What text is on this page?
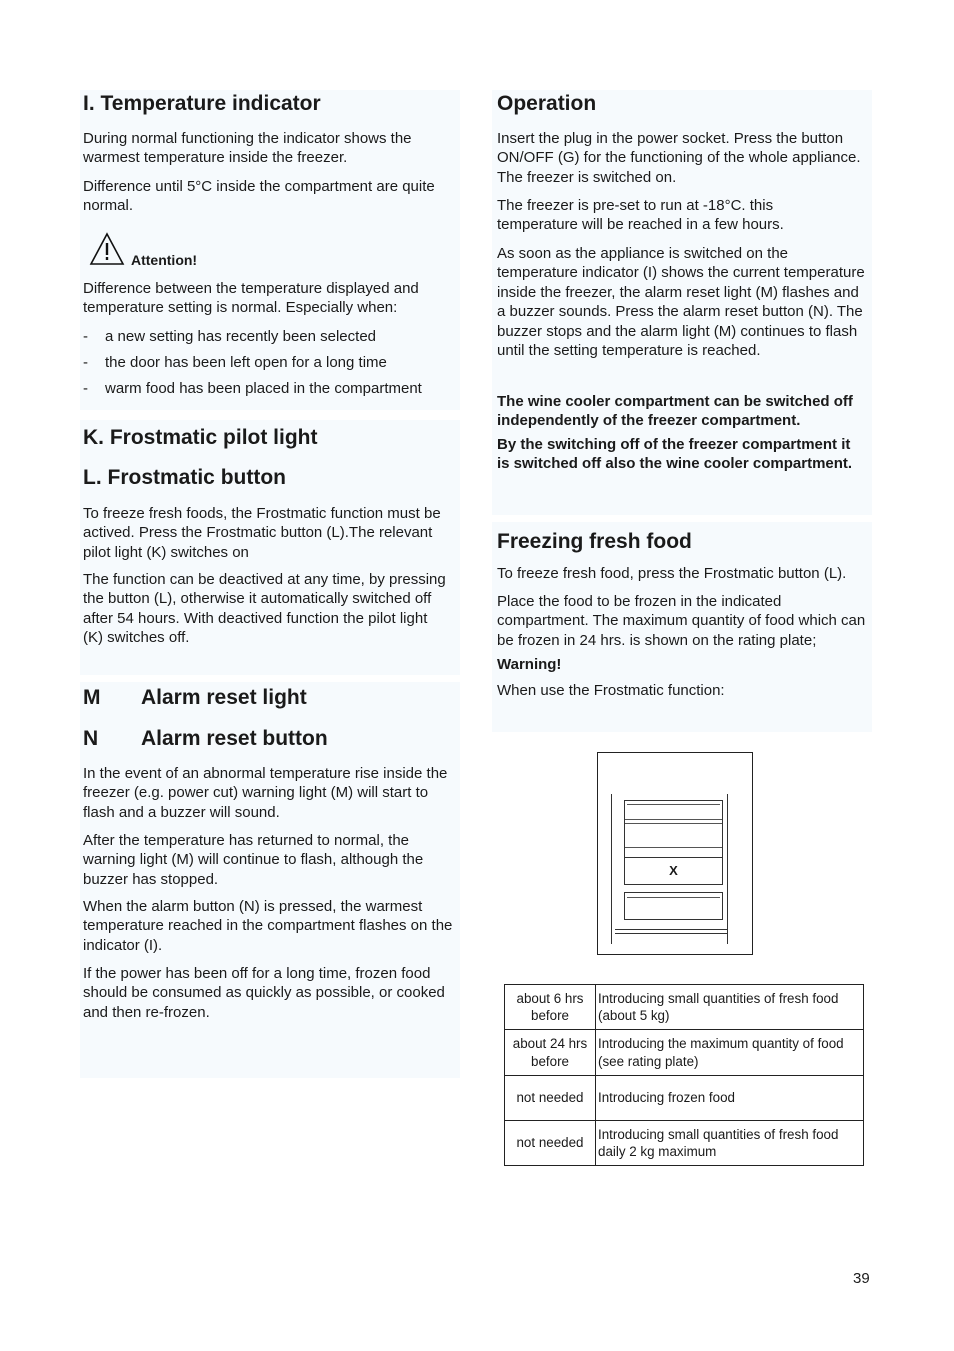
I. Temperature indicator

During normal functioning the indicator shows the warmest temperature inside the freezer.

Difference until 5°C inside the compartment are quite normal.

Attention!

Difference between the temperature displayed and temperature setting is normal. Especially when:

- a new setting has recently been selected
- the door has been left open for a long time
- warm food has been placed in the compartment
K. Frostmatic pilot light
L. Frostmatic button

To freeze fresh foods, the Frostmatic function must be actived. Press the Frostmatic button (L).The relevant pilot light (K) switches on

The function can be deactived at any time, by pressing the button (L), otherwise it automatically switched off after 54 hours. With deactived function the pilot light (K) switches off.

M Alarm reset light
N Alarm reset button

In the event of an abnormal temperature rise inside the freezer (e.g. power cut) warning light (M) will start to flash and a buzzer will sound.

After the temperature has returned to normal, the warning light (M) will continue to flash, although the buzzer has stopped.

When the alarm button (N) is pressed, the warmest temperature reached in the compartment flashes on the indicator (I).

If the power has been off for a long time, frozen food should be consumed as quickly as possible, or cooked and then re-frozen.

Operation

Insert the plug in the power socket. Press the button ON/OFF (G) for the functioning of the whole appliance. The freezer is switched on.

The freezer is pre-set to run at -18°C. this temperature will be reached in a few hours.

As soon as the appliance is switched on the temperature indicator (I) shows the current temperature inside the freezer, the alarm reset light (M) flashes and a buzzer sounds. Press the alarm reset button (N). The buzzer stops and the alarm light (M) continues to flash until the setting temperature is reached.

The wine cooler compartment can be switched off independently of the freezer compartment.

By the switching off of the freezer compartment it is switched off also the wine cooler compartment.

Freezing fresh food

To freeze fresh food, press the Frostmatic button (L).

Place the food to be frozen in the indicated compartment. The maximum quantity of food which can be frozen in 24 hrs. is shown on the rating plate;

Warning!

When use the Frostmatic function:

X
about 6 hrs before	Introducing small quantities of fresh food (about 5 kg)
about 24 hrs before	Introducing the maximum quantity of food (see rating plate)
not needed	Introducing frozen food
not needed	Introducing small quantities of fresh food daily 2 kg maximum
39
